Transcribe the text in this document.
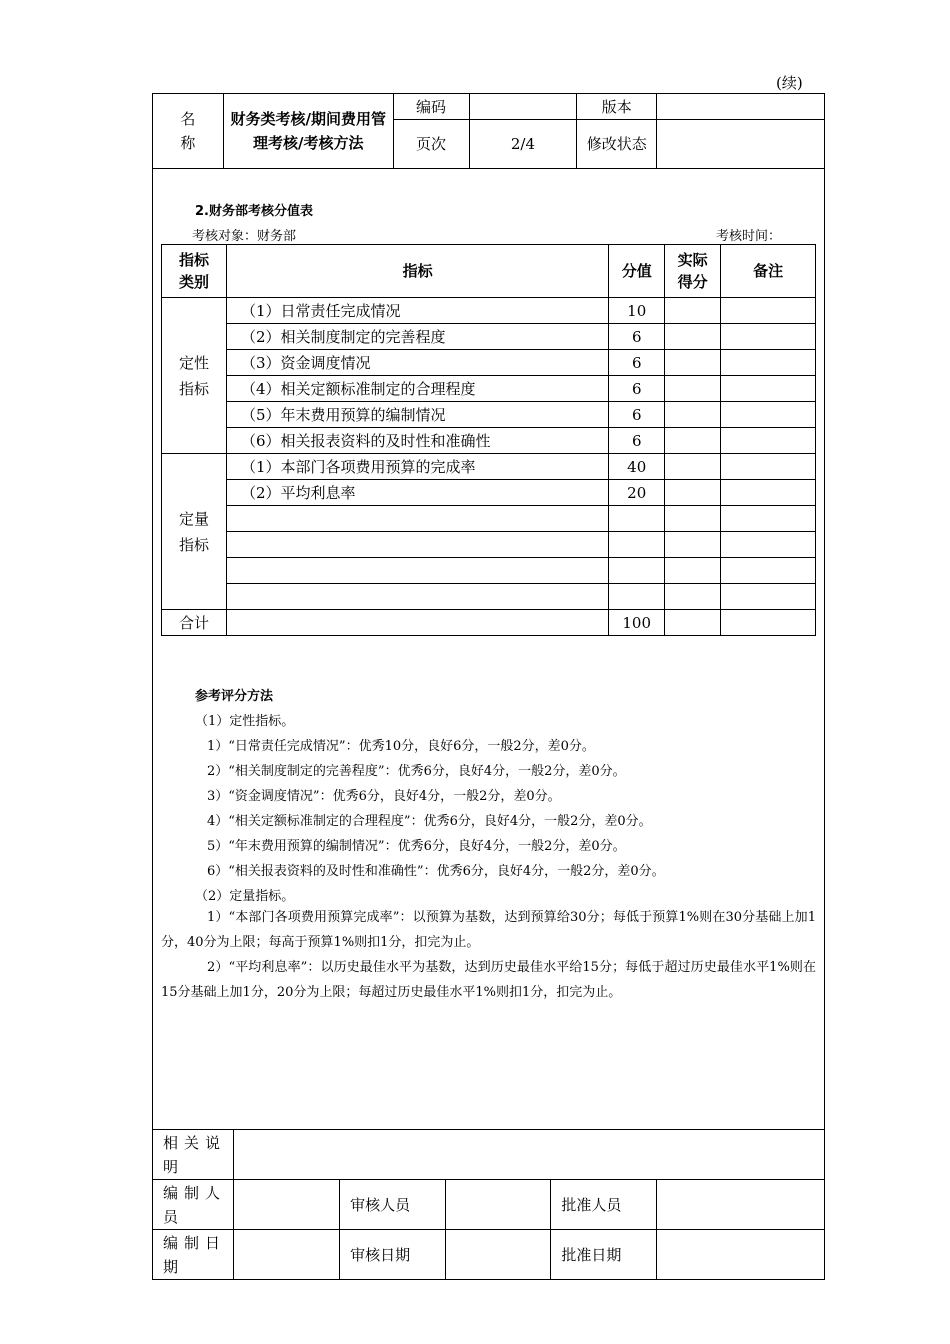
(续)
名
称	财务类考核/期间费用管理考核/考核方法	编码		版本	
		页次	2/4	修改状态	
2.财务部考核分值表
考核对象：财务部	考核时间：
指标类别	指标	分值	实际得分	备注
定性指标	（1）日常责任完成情况	10		
	（2）相关制度制定的完善程度	6		
	（3）资金调度情况	6		
	（4）相关定额标准制定的合理程度	6		
	（5）年末费用预算的编制情况	6		
	（6）相关报表资料的及时性和准确性	6		
定量指标	（1）本部门各项费用预算的完成率	40		
	（2）平均利息率	20		

合计		100		
参考评分方法
（1）定性指标。
1）“日常责任完成情况”：优秀10分，良好6分，一般2分，差0分。
2）“相关制度制定的完善程度”：优秀6分，良好4分，一般2分，差0分。
3）“资金调度情况”：优秀6分，良好4分，一般2分，差0分。
4）“相关定额标准制定的合理程度”：优秀6分，良好4分，一般2分，差0分。
5）“年末费用预算的编制情况”：优秀6分，良好4分，一般2分，差0分。
6）“相关报表资料的及时性和准确性”：优秀6分，良好4分，一般2分，差0分。
（2）定量指标。
1）“本部门各项费用预算完成率”：以预算为基数，达到预算给30分；每低于预算1%则在30分基础上加1分，40分为上限；每高于预算1%则扣1分，扣完为止。
2）“平均利息率”：以历史最佳水平为基数，达到历史最佳水平给15分；每低于超过历史最佳水平1%则在15分基础上加1分，20分为上限；每超过历史最佳水平1%则扣1分，扣完为止。
相关说明					
编制人员		审核人员		批准人员	
编制日期		审核日期		批准日期	
